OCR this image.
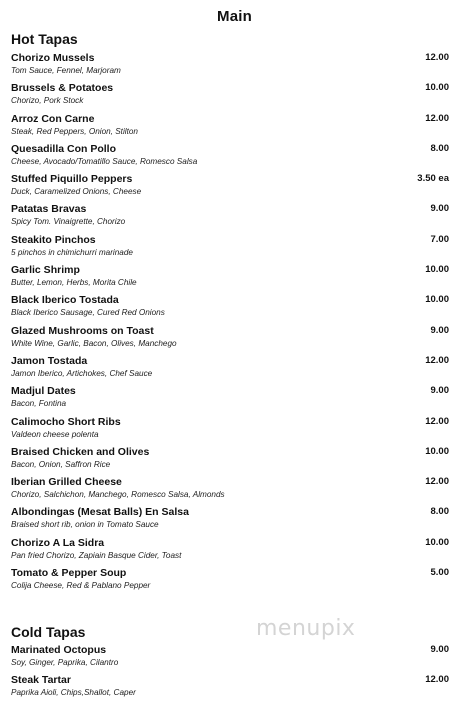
Main
Hot Tapas
Chorizo Mussels
Tom Sauce, Fennel, Marjoram
12.00
Brussels & Potatoes
Chorizo, Pork Stock
10.00
Arroz Con Carne
Steak, Red Peppers, Onion, Stilton
12.00
Quesadilla Con Pollo
Cheese, Avocado/Tomatillo Sauce, Romesco Salsa
8.00
Stuffed Piquillo Peppers
Duck, Caramelized Onions, Cheese
3.50 ea
Patatas Bravas
Spicy Tom. Vinaigrette, Chorizo
9.00
Steakito Pinchos
5 pinchos in chimichurri marinade
7.00
Garlic Shrimp
Butter, Lemon, Herbs, Morita Chile
10.00
Black Iberico Tostada
Black Iberico Sausage, Cured Red Onions
10.00
Glazed Mushrooms on Toast
White Wine, Garlic, Bacon, Olives, Manchego
9.00
Jamon Tostada
Jamon Iberico, Artichokes, Chef Sauce
12.00
Madjul Dates
Bacon, Fontina
9.00
Calimocho Short Ribs
Valdeon cheese polenta
12.00
Braised Chicken and Olives
Bacon, Onion, Saffron Rice
10.00
Iberian Grilled Cheese
Chorizo, Salchichon, Manchego, Romesco Salsa, Almonds
12.00
Albondingas (Mesat Balls) En Salsa
Braised short rib, onion in Tomato Sauce
8.00
Chorizo A La Sidra
Pan fried Chorizo, Zapiain Basque Cider, Toast
10.00
Tomato & Pepper Soup
Colija Cheese, Red & Pablano Pepper
5.00
Cold Tapas
Marinated Octopus
Soy, Ginger, Paprika, Cilantro
9.00
Steak Tartar
Paprika Aioli, Chips,Shallot, Caper
12.00
menupix
